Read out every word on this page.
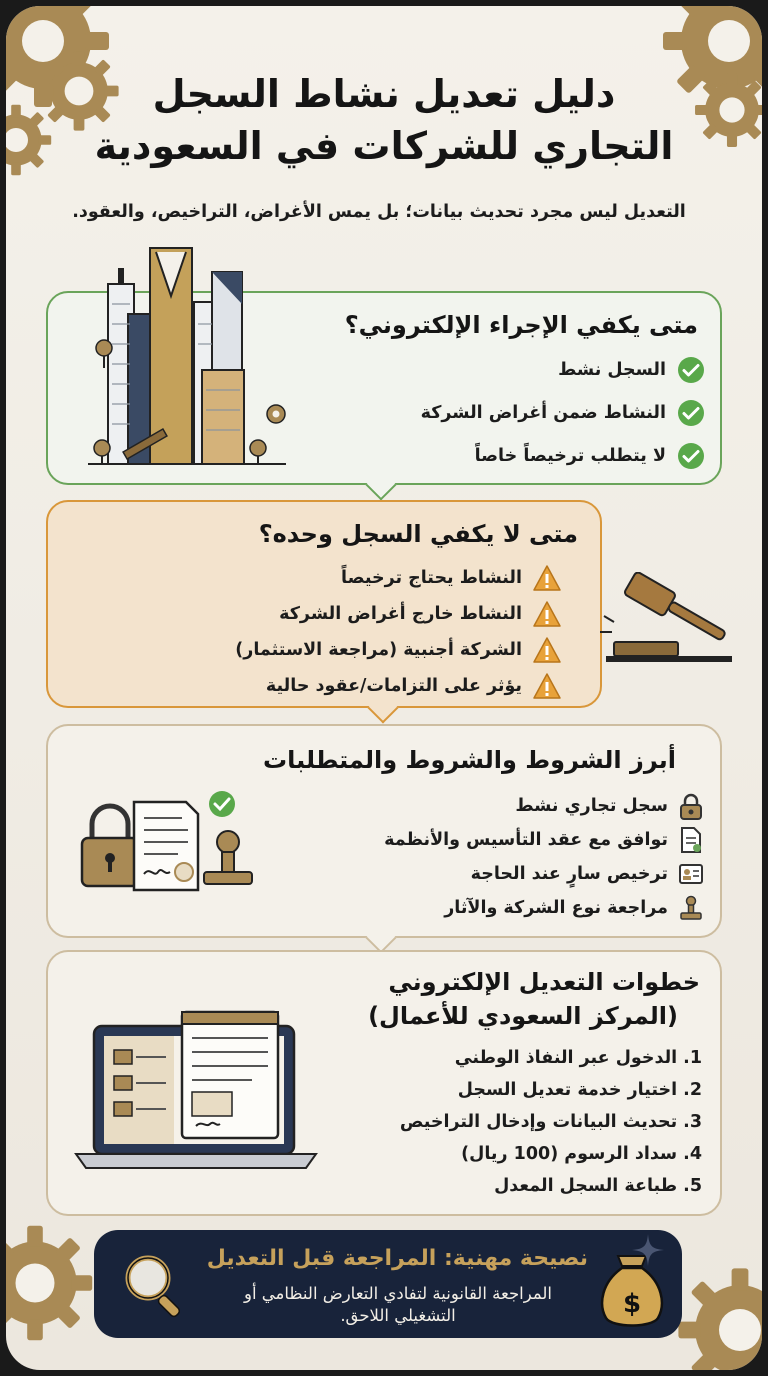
دليل تعديل نشاط السجل
التجاري للشركات في السعودية
التعديل ليس مجرد تحديث بيانات؛ بل يمس الأغراض، التراخيص، والعقود.
متى يكفي الإجراء الإلكتروني؟
السجل نشط
النشاط ضمن أغراض الشركة
لا يتطلب ترخيصاً خاصاً
متى لا يكفي السجل وحده؟
النشاط يحتاج ترخيصاً
النشاط خارج أغراض الشركة
الشركة أجنبية (مراجعة الاستثمار)
يؤثر على التزامات/عقود حالية
أبرز الشروط والشروط والمتطلبات
سجل تجاري نشط
توافق مع عقد التأسيس والأنظمة
ترخيص سارٍ عند الحاجة
مراجعة نوع الشركة والآثار
خطوات التعديل الإلكتروني
(المركز السعودي للأعمال)
1.الدخول عبر النفاذ الوطني
2.اختيار خدمة تعديل السجل
3.تحديث البيانات وإدخال التراخيص
4.سداد الرسوم (100 ريال)
5.طباعة السجل المعدل
نصيحة مهنية: المراجعة قبل التعديل
المراجعة القانونية لتفادي التعارض النظامي أو التشغيلي اللاحق.	$
